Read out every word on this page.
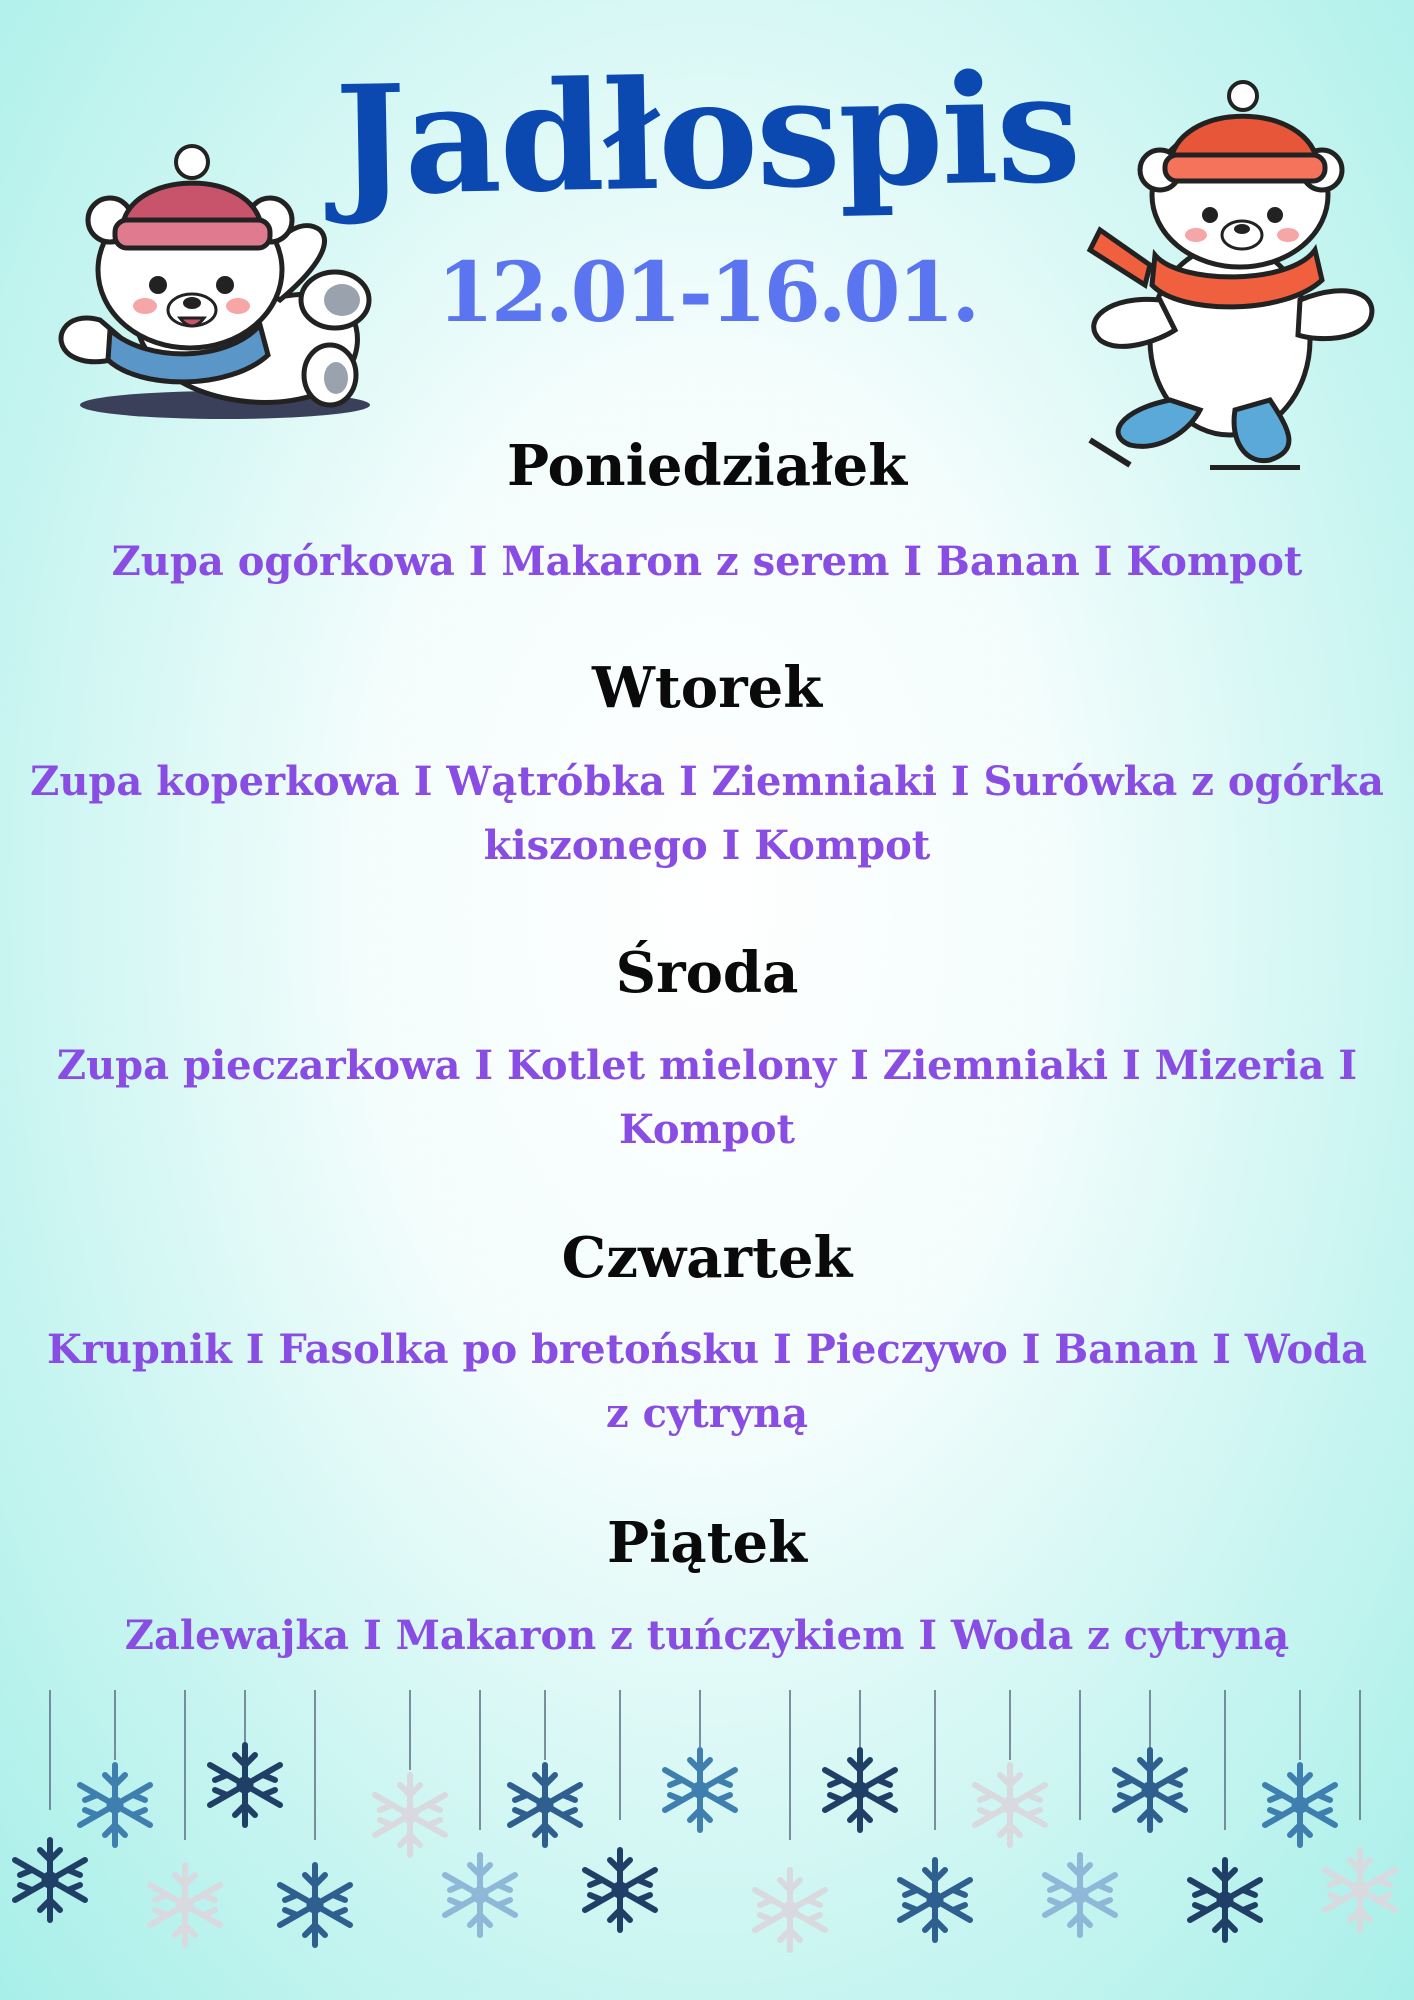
Jadłospis
12.01-16.01.
Poniedziałek

Zupa ogórkowa I Makaron z serem I Banan I Kompot

Wtorek

Zupa koperkowa I Wątróbka I Ziemniaki I Surówka z ogórka kiszonego I Kompot

Środa

Zupa pieczarkowa I Kotlet mielony I Ziemniaki I Mizeria I Kompot

Czwartek

Krupnik I Fasolka po bretońsku I Pieczywo I Banan I Woda z cytryną

Piątek

Zalewajka I Makaron z tuńczykiem I Woda z cytryną
